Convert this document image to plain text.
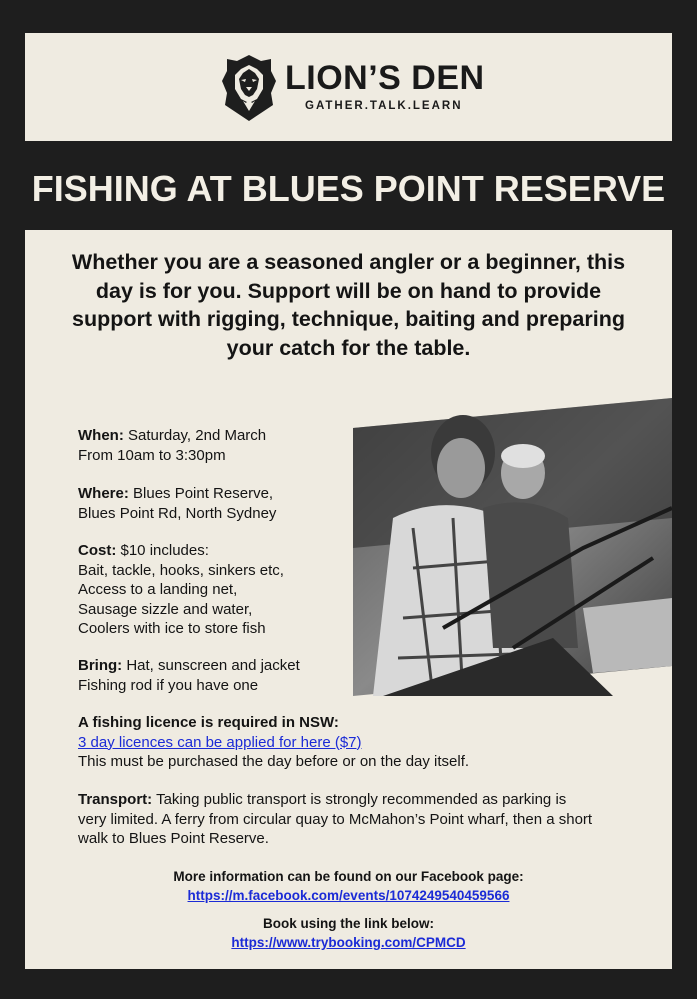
LION’S DEN
GATHER.TALK.LEARN
FISHING AT BLUES POINT RESERVE
Whether you are a seasoned angler or a beginner, this day is for you. Support will be on hand to provide support with rigging, technique, baiting and preparing your catch for the table.
When: Saturday, 2nd March
From 10am to 3:30pm
Where: Blues Point Reserve,
Blues Point Rd, North Sydney
Cost: $10 includes:
Bait, tackle, hooks, sinkers etc,
Access to a landing net,
Sausage sizzle and water,
Coolers with ice to store fish
Bring: Hat, sunscreen and jacket
Fishing rod if you have one
A fishing licence is required in NSW:
3 day licences can be applied for here ($7)
This must be purchased the day before or on the day itself.
Transport: Taking public transport is strongly recommended as parking is very limited. A ferry from circular quay to McMahon’s Point wharf, then a short walk to Blues Point Reserve.
More information can be found on our Facebook page:
https://m.facebook.com/events/1074249540459566
Book using the link below:
https://www.trybooking.com/CPMCD
